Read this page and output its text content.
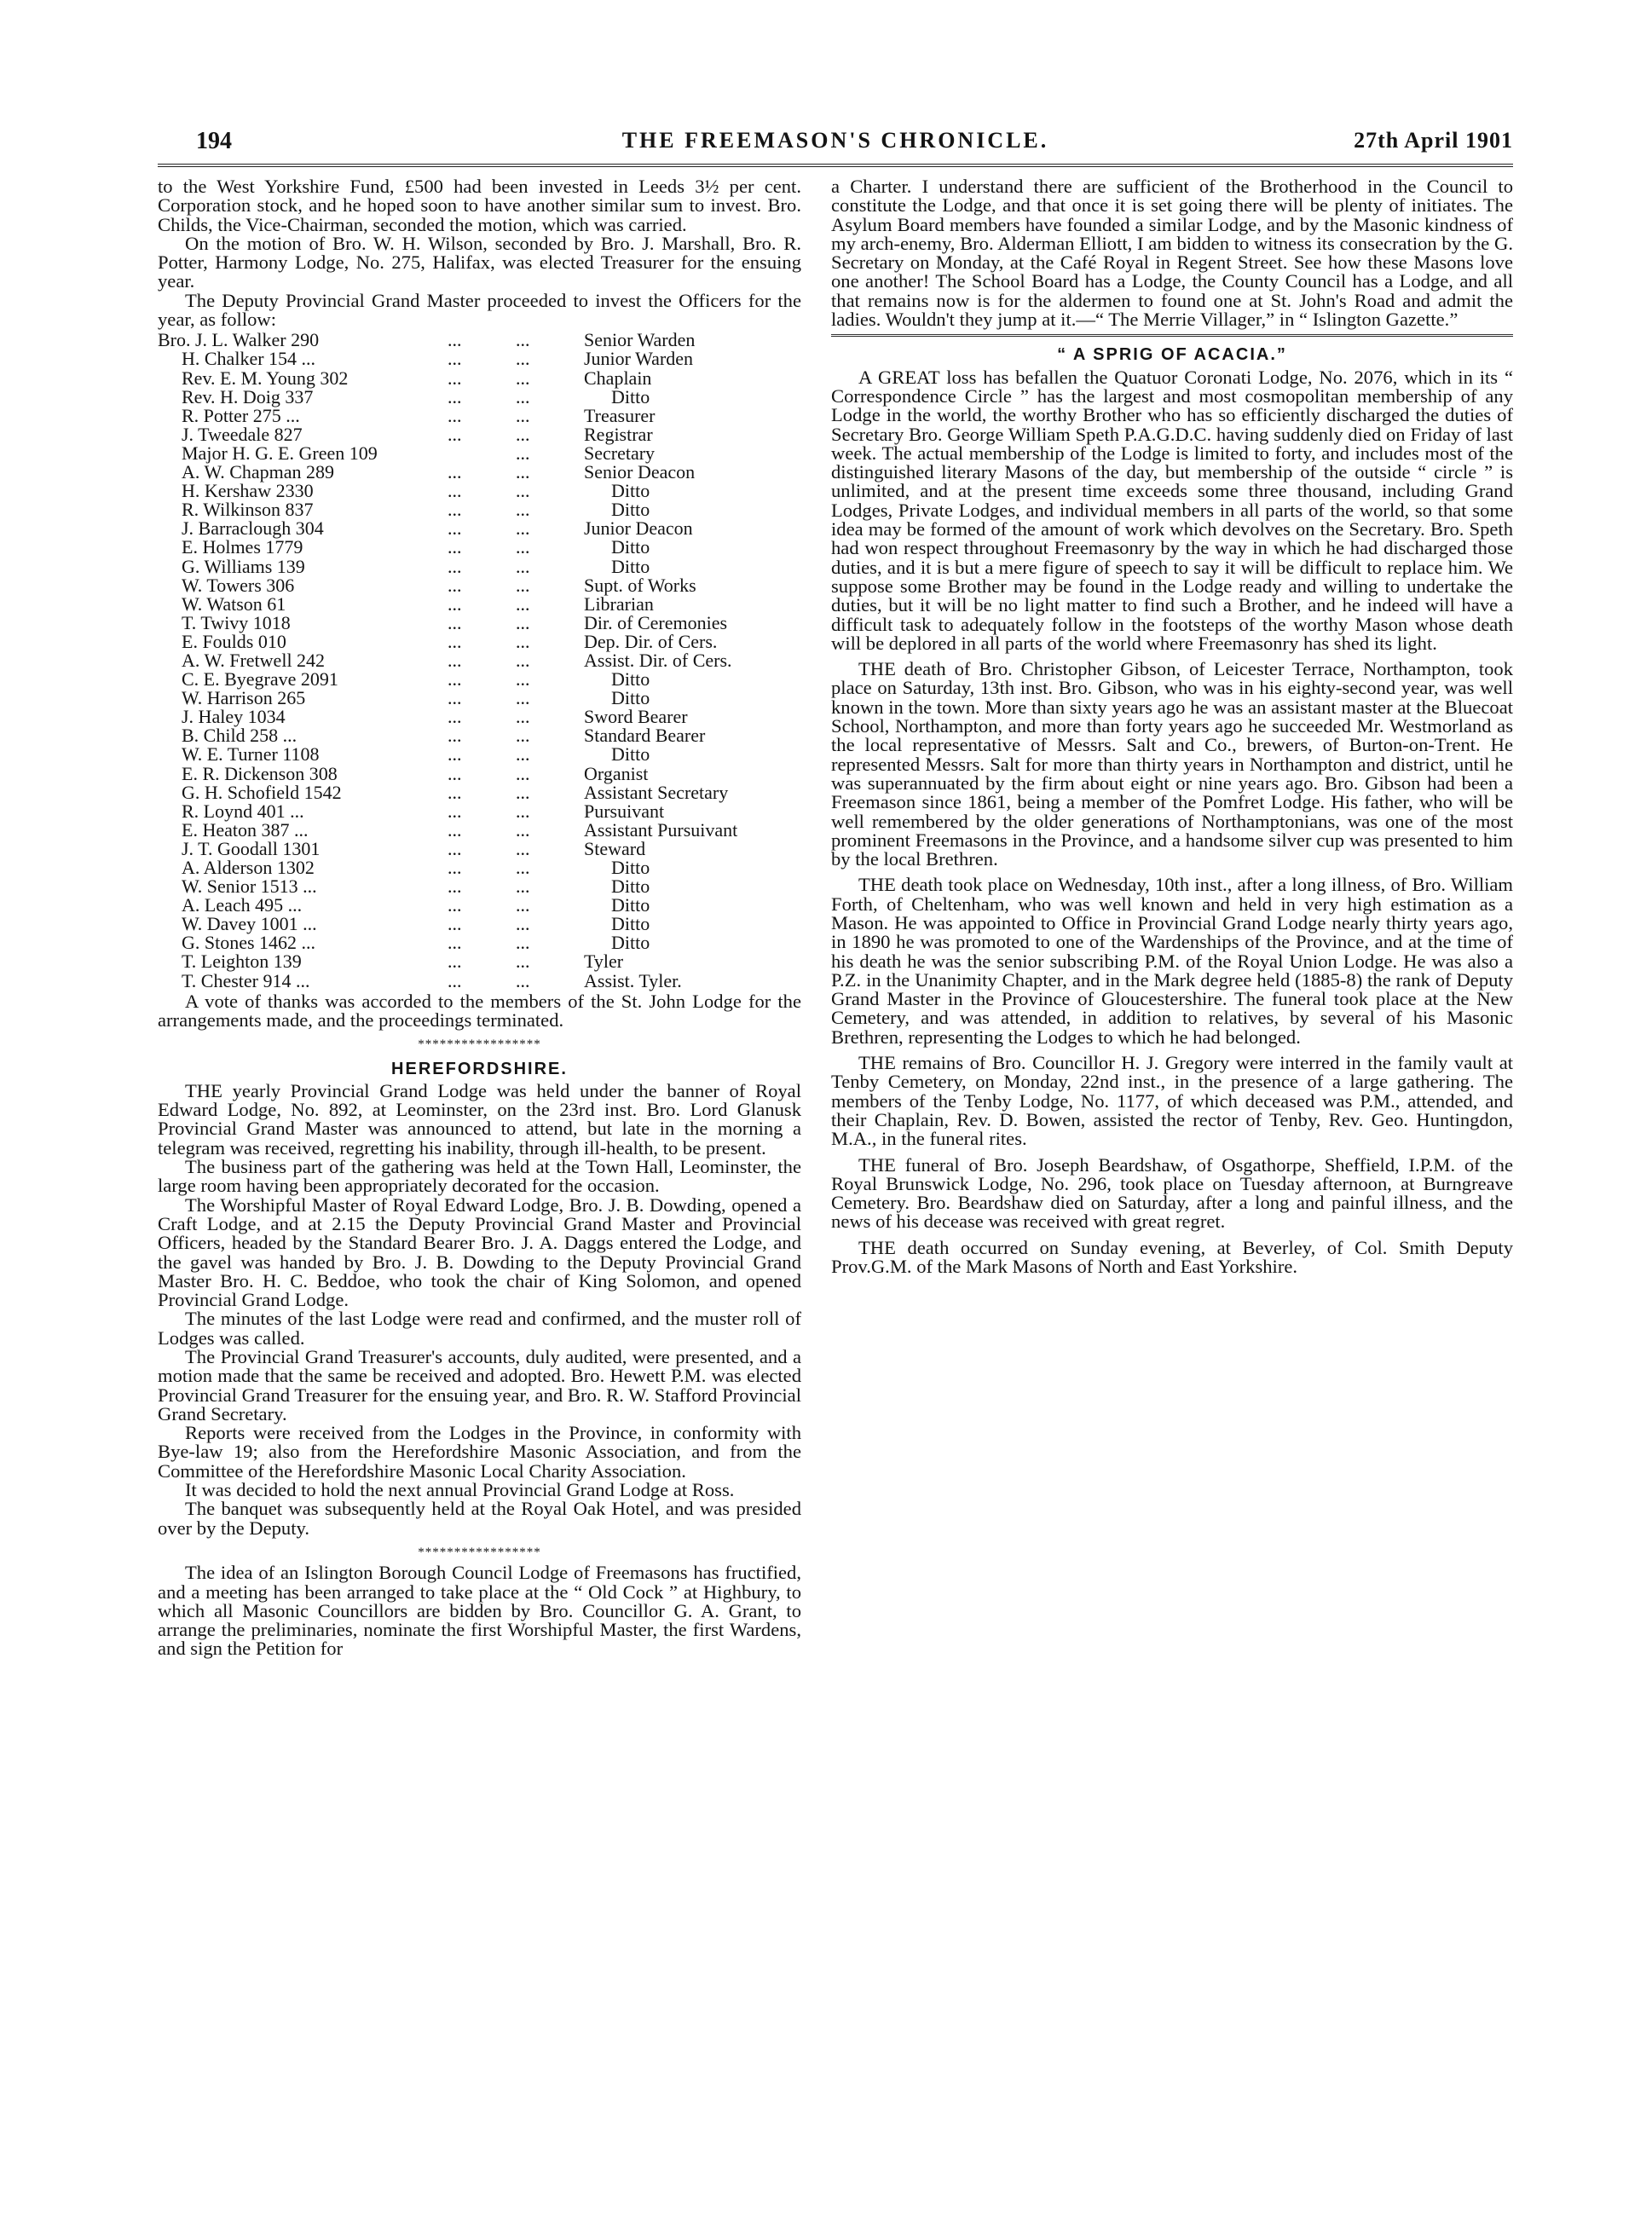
194	THE FREEMASON'S CHRONICLE.	27th April 1901

to the West Yorkshire Fund, £500 had been invested in Leeds 3½ per cent. Corporation stock, and he hoped soon to have another similar sum to invest. Bro. Childs, the Vice-Chairman, seconded the motion, which was carried.

On the motion of Bro. W. H. Wilson, seconded by Bro. J. Marshall, Bro. R. Potter, Harmony Lodge, No. 275, Halifax, was elected Treasurer for the ensuing year.

The Deputy Provincial Grand Master proceeded to invest the Officers for the year, as follow:

Bro. J. L. Walker 290	...	...	Senior Warden
H. Chalker 154 ...	...	...	Junior Warden
Rev. E. M. Young 302	...	...	Chaplain
Rev. H. Doig 337	...	...	Ditto
R. Potter 275 ...	...	...	Treasurer
J. Tweedale 827	...	...	Registrar
Major H. G. E. Green 109		...	Secretary
A. W. Chapman 289	...	...	Senior Deacon
H. Kershaw 2330	...	...	Ditto
R. Wilkinson 837	...	...	Ditto
J. Barraclough 304	...	...	Junior Deacon
E. Holmes 1779	...	...	Ditto
G. Williams 139	...	...	Ditto
W. Towers 306	...	...	Supt. of Works
W. Watson 61	...	...	Librarian
T. Twivy 1018	...	...	Dir. of Ceremonies
E. Foulds 010	...	...	Dep. Dir. of Cers.
A. W. Fretwell 242	...	...	Assist. Dir. of Cers.
C. E. Byegrave 2091	...	...	Ditto
W. Harrison 265	...	...	Ditto
J. Haley 1034	...	...	Sword Bearer
B. Child 258 ...	...	...	Standard Bearer
W. E. Turner 1108	...	...	Ditto
E. R. Dickenson 308	...	...	Organist
G. H. Schofield 1542	...	...	Assistant Secretary
R. Loynd 401 ...	...	...	Pursuivant
E. Heaton 387 ...	...	...	Assistant Pursuivant
J. T. Goodall 1301	...	...	Steward
A. Alderson 1302	...	...	Ditto
W. Senior 1513 ...	...	...	Ditto
A. Leach 495 ...	...	...	Ditto
W. Davey 1001 ...	...	...	Ditto
G. Stones 1462 ...	...	...	Ditto
T. Leighton 139	...	...	Tyler
T. Chester 914 ...	...	...	Assist. Tyler.

A vote of thanks was accorded to the members of the St. John Lodge for the arrangements made, and the proceedings terminated.

*****************
HEREFORDSHIRE.

THE yearly Provincial Grand Lodge was held under the banner of Royal Edward Lodge, No. 892, at Leominster, on the 23rd inst. Bro. Lord Glanusk Provincial Grand Master was announced to attend, but late in the morning a telegram was received, regretting his inability, through ill-health, to be present.

The business part of the gathering was held at the Town Hall, Leominster, the large room having been appropriately decorated for the occasion.

The Worshipful Master of Royal Edward Lodge, Bro. J. B. Dowding, opened a Craft Lodge, and at 2.15 the Deputy Provincial Grand Master and Provincial Officers, headed by the Standard Bearer Bro. J. A. Daggs entered the Lodge, and the gavel was handed by Bro. J. B. Dowding to the Deputy Provincial Grand Master Bro. H. C. Beddoe, who took the chair of King Solomon, and opened Provincial Grand Lodge.

The minutes of the last Lodge were read and confirmed, and the muster roll of Lodges was called.

The Provincial Grand Treasurer's accounts, duly audited, were presented, and a motion made that the same be received and adopted. Bro. Hewett P.M. was elected Provincial Grand Treasurer for the ensuing year, and Bro. R. W. Stafford Provincial Grand Secretary.

Reports were received from the Lodges in the Province, in conformity with Bye-law 19; also from the Herefordshire Masonic Association, and from the Committee of the Herefordshire Masonic Local Charity Association.

It was decided to hold the next annual Provincial Grand Lodge at Ross.

The banquet was subsequently held at the Royal Oak Hotel, and was presided over by the Deputy.

*****************

The idea of an Islington Borough Council Lodge of Freemasons has fructified, and a meeting has been arranged to take place at the “ Old Cock ” at Highbury, to which all Masonic Councillors are bidden by Bro. Councillor G. A. Grant, to arrange the preliminaries, nominate the first Worshipful Master, the first Wardens, and sign the Petition for

a Charter. I understand there are sufficient of the Brotherhood in the Council to constitute the Lodge, and that once it is set going there will be plenty of initiates. The Asylum Board members have founded a similar Lodge, and by the Masonic kindness of my arch-enemy, Bro. Alderman Elliott, I am bidden to witness its consecration by the G. Secretary on Monday, at the Café Royal in Regent Street. See how these Masons love one another! The School Board has a Lodge, the County Council has a Lodge, and all that remains now is for the aldermen to found one at St. John's Road and admit the ladies. Wouldn't they jump at it.—“ The Merrie Villager,” in “ Islington Gazette.”

“ A SPRIG OF ACACIA.”

A GREAT loss has befallen the Quatuor Coronati Lodge, No. 2076, which in its “ Correspondence Circle ” has the largest and most cosmopolitan membership of any Lodge in the world, the worthy Brother who has so efficiently discharged the duties of Secretary Bro. George William Speth P.A.G.D.C. having suddenly died on Friday of last week. The actual membership of the Lodge is limited to forty, and includes most of the distinguished literary Masons of the day, but membership of the outside “ circle ” is unlimited, and at the present time exceeds some three thousand, including Grand Lodges, Private Lodges, and individual members in all parts of the world, so that some idea may be formed of the amount of work which devolves on the Secretary. Bro. Speth had won respect throughout Freemasonry by the way in which he had discharged those duties, and it is but a mere figure of speech to say it will be difficult to replace him. We suppose some Brother may be found in the Lodge ready and willing to undertake the duties, but it will be no light matter to find such a Brother, and he indeed will have a difficult task to adequately follow in the footsteps of the worthy Mason whose death will be deplored in all parts of the world where Freemasonry has shed its light.

THE death of Bro. Christopher Gibson, of Leicester Terrace, Northampton, took place on Saturday, 13th inst. Bro. Gibson, who was in his eighty-second year, was well known in the town. More than sixty years ago he was an assistant master at the Bluecoat School, Northampton, and more than forty years ago he succeeded Mr. Westmorland as the local representative of Messrs. Salt and Co., brewers, of Burton-on-Trent. He represented Messrs. Salt for more than thirty years in Northampton and district, until he was superannuated by the firm about eight or nine years ago. Bro. Gibson had been a Freemason since 1861, being a member of the Pomfret Lodge. His father, who will be well remembered by the older generations of Northamptonians, was one of the most prominent Freemasons in the Province, and a handsome silver cup was presented to him by the local Brethren.

THE death took place on Wednesday, 10th inst., after a long illness, of Bro. William Forth, of Cheltenham, who was well known and held in very high estimation as a Mason. He was appointed to Office in Provincial Grand Lodge nearly thirty years ago, in 1890 he was promoted to one of the Wardenships of the Province, and at the time of his death he was the senior subscribing P.M. of the Royal Union Lodge. He was also a P.Z. in the Unanimity Chapter, and in the Mark degree held (1885-8) the rank of Deputy Grand Master in the Province of Gloucestershire. The funeral took place at the New Cemetery, and was attended, in addition to relatives, by several of his Masonic Brethren, representing the Lodges to which he had belonged.

THE remains of Bro. Councillor H. J. Gregory were interred in the family vault at Tenby Cemetery, on Monday, 22nd inst., in the presence of a large gathering. The members of the Tenby Lodge, No. 1177, of which deceased was P.M., attended, and their Chaplain, Rev. D. Bowen, assisted the rector of Tenby, Rev. Geo. Huntingdon, M.A., in the funeral rites.

THE funeral of Bro. Joseph Beardshaw, of Osgathorpe, Sheffield, I.P.M. of the Royal Brunswick Lodge, No. 296, took place on Tuesday afternoon, at Burngreave Cemetery. Bro. Beardshaw died on Saturday, after a long and painful illness, and the news of his decease was received with great regret.

THE death occurred on Sunday evening, at Beverley, of Col. Smith Deputy Prov.G.M. of the Mark Masons of North and East Yorkshire.
